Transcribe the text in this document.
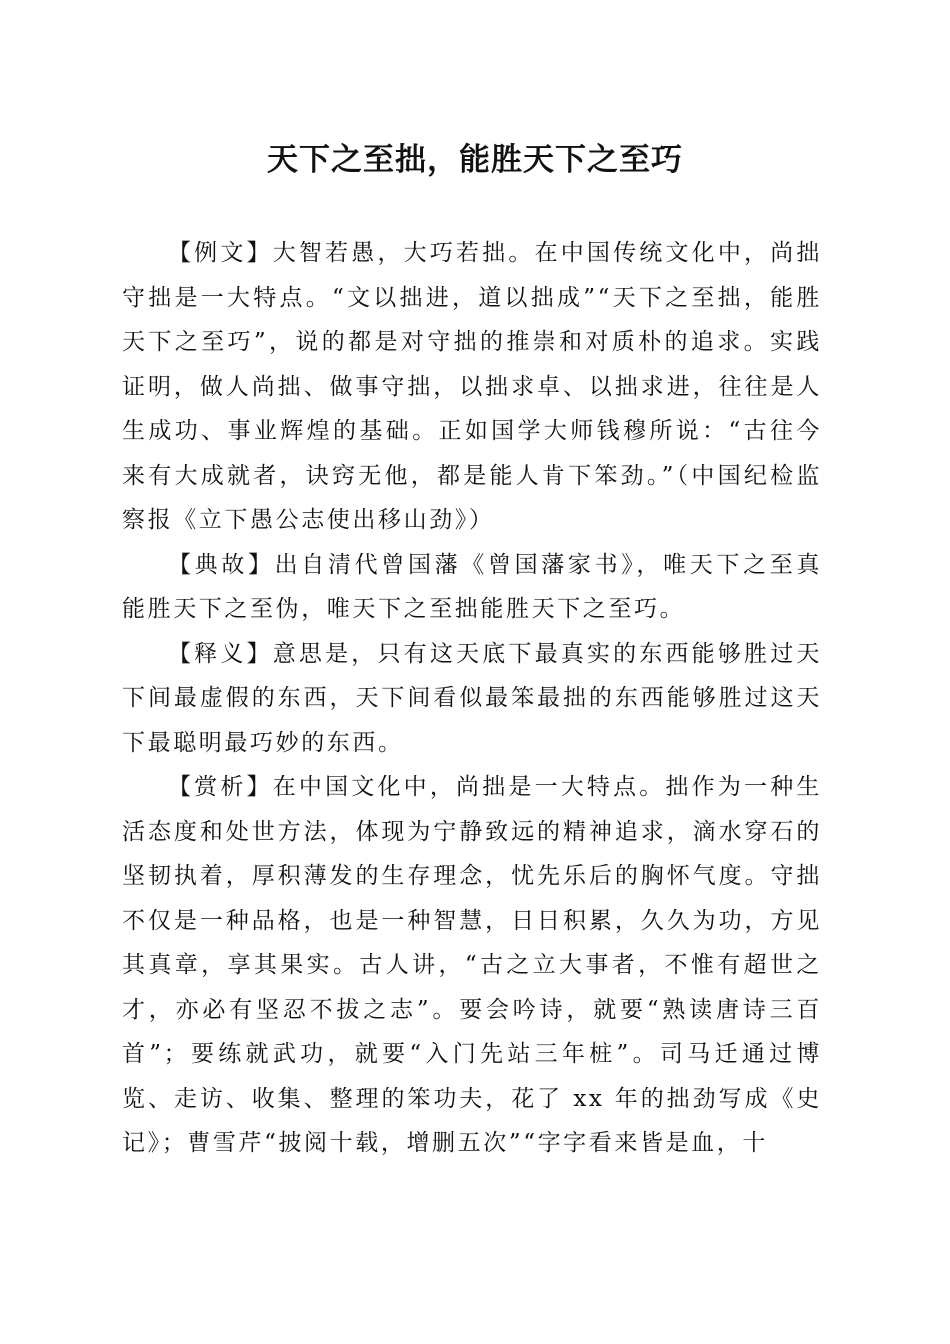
天下之至拙，能胜天下之至巧

【例文】大智若愚，大巧若拙。在中国传统文化中，尚拙守拙是一大特点。“文以拙进，道以拙成”“天下之至拙，能胜天下之至巧”，说的都是对守拙的推崇和对质朴的追求。实践证明，做人尚拙、做事守拙，以拙求卓、以拙求进，往往是人生成功、事业辉煌的基础。正如国学大师钱穆所说：“古往今来有大成就者，诀窍无他，都是能人肯下笨劲。”（中国纪检监察报《立下愚公志使出移山劲》）

【典故】出自清代曾国藩《曾国藩家书》，唯天下之至真能胜天下之至伪，唯天下之至拙能胜天下之至巧。

【释义】意思是，只有这天底下最真实的东西能够胜过天下间最虚假的东西，天下间看似最笨最拙的东西能够胜过这天下最聪明最巧妙的东西。

【赏析】在中国文化中，尚拙是一大特点。拙作为一种生活态度和处世方法，体现为宁静致远的精神追求，滴水穿石的坚韧执着，厚积薄发的生存理念，忧先乐后的胸怀气度。守拙不仅是一种品格，也是一种智慧，日日积累，久久为功，方见其真章，享其果实。古人讲，“古之立大事者，不惟有超世之才，亦必有坚忍不拔之志”。要会吟诗，就要“熟读唐诗三百首”；要练就武功，就要“入门先站三年桩”。司马迁通过博览、走访、收集、整理的笨功夫，花了 xx 年的拙劲写成《史记》；曹雪芹“披阅十载，增删五次”“字字看来皆是血，十
